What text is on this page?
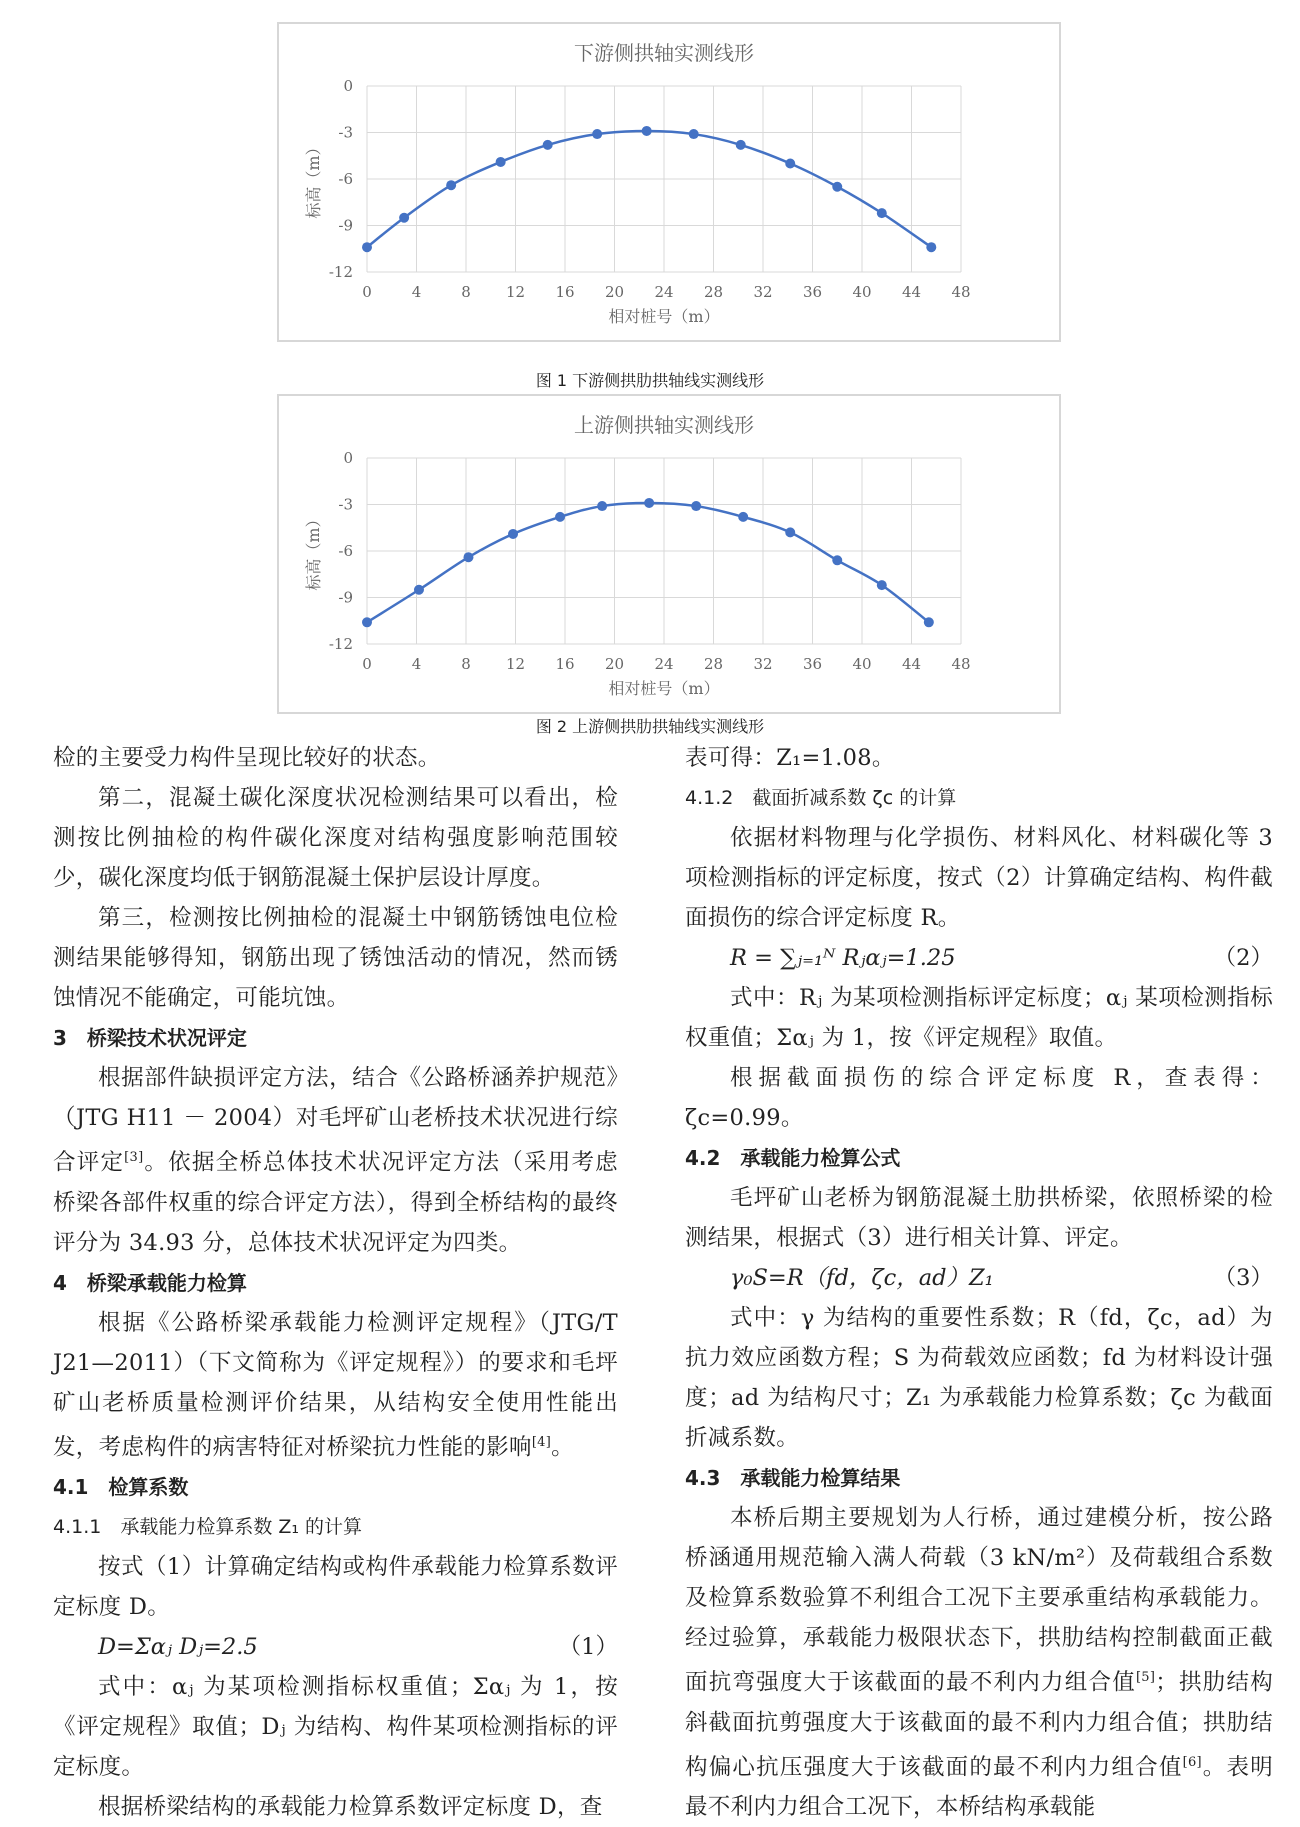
下游侧拱轴实测线形
0
-3
-6
-9
-12
0	4	8 12 16 20 24 28 32 36 40 44 48
相对桩号（m）
标高（m）
图 1 下游侧拱肋拱轴线实测线形
上游侧拱轴实测线形
0
-3
-6
-9
-12
0	4	8 12 16 20 24 28 32 36 40 44 48
相对桩号（m）
标高（m）
图 2 上游侧拱肋拱轴线实测线形

检的主要受力构件呈现比较好的状态。

第二，混凝土碳化深度状况检测结果可以看出，检测按比例抽检的构件碳化深度对结构强度影响范围较少，碳化深度均低于钢筋混凝土保护层设计厚度。

第三，检测按比例抽检的混凝土中钢筋锈蚀电位检测结果能够得知，钢筋出现了锈蚀活动的情况，然而锈蚀情况不能确定，可能坑蚀。

3　桥梁技术状况评定

根据部件缺损评定方法，结合《公路桥涵养护规范》（JTG H11 － 2004）对毛坪矿山老桥技术状况进行综合评定[3]。依据全桥总体技术状况评定方法（采用考虑桥梁各部件权重的综合评定方法），得到全桥结构的最终评分为 34.93 分，总体技术状况评定为四类。

4　桥梁承载能力检算

根据《公路桥梁承载能力检测评定规程》（JTG/T J21—2011）（下文简称为《评定规程》）的要求和毛坪矿山老桥质量检测评价结果，从结构安全使用性能出发，考虑构件的病害特征对桥梁抗力性能的影响[4]。

4.1　检算系数
4.1.1　承载能力检算系数 Z₁ 的计算

按式（1）计算确定结构或构件承载能力检算系数评定标度 D。

D=Σαⱼ Dⱼ=2.5	（1）

式中：αⱼ 为某项检测指标权重值；Σαⱼ 为 1，按《评定规程》取值；Dⱼ 为结构、构件某项检测指标的评定标度。

根据桥梁结构的承载能力检算系数评定标度 D，查

表可得：Z₁=1.08。

4.1.2　截面折减系数 ζc 的计算

依据材料物理与化学损伤、材料风化、材料碳化等 3 项检测指标的评定标度，按式（2）计算确定结构、构件截面损伤的综合评定标度 R。

R = ∑ⱼ₌₁ᴺ Rⱼαⱼ=1.25	（2）

式中：Rⱼ 为某项检测指标评定标度；αⱼ 某项检测指标权重值；Σαⱼ 为 1，按《评定规程》取值。

根据截面损伤的综合评定标度 R，查表得：ζc=0.99。

4.2　承载能力检算公式

毛坪矿山老桥为钢筋混凝土肋拱桥梁，依照桥梁的检测结果，根据式（3）进行相关计算、评定。

γ₀S=R（fd，ζc，ad）Z₁	（3）

式中：γ 为结构的重要性系数；R（fd，ζc，ad）为抗力效应函数方程；S 为荷载效应函数；fd 为材料设计强度；ad 为结构尺寸；Z₁ 为承载能力检算系数；ζc 为截面折减系数。

4.3　承载能力检算结果

本桥后期主要规划为人行桥，通过建模分析，按公路桥涵通用规范输入满人荷载（3 kN/m²）及荷载组合系数及检算系数验算不利组合工况下主要承重结构承载能力。经过验算，承载能力极限状态下，拱肋结构控制截面正截面抗弯强度大于该截面的最不利内力组合值[5]；拱肋结构斜截面抗剪强度大于该截面的最不利内力组合值；拱肋结构偏心抗压强度大于该截面的最不利内力组合值[6]。表明最不利内力组合工况下，本桥结构承载能
